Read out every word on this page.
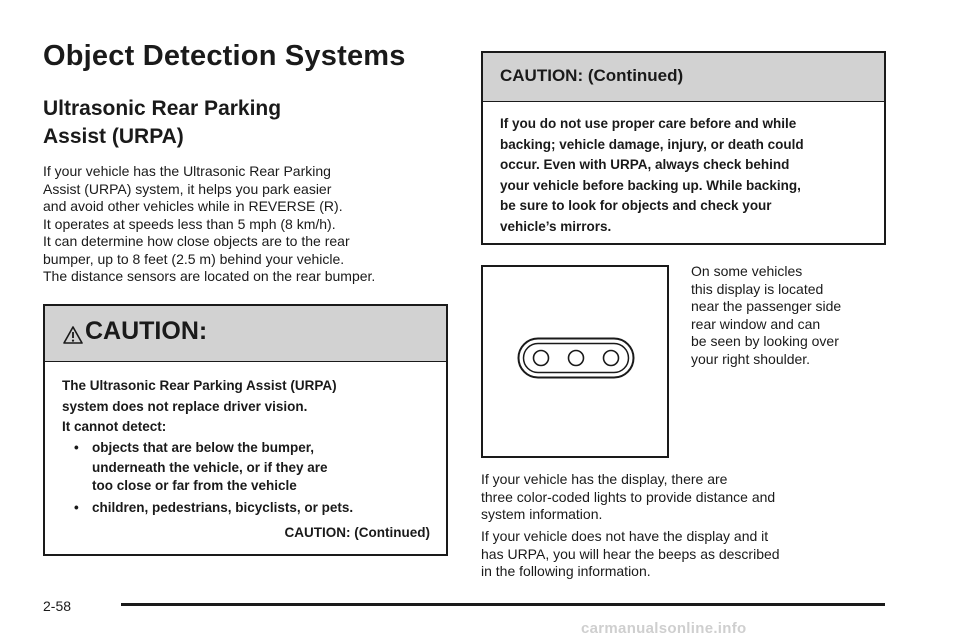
Object Detection Systems
Ultrasonic Rear Parking
Assist (URPA)

If your vehicle has the Ultrasonic Rear Parking
Assist (URPA) system, it helps you park easier
and avoid other vehicles while in REVERSE (R).
It operates at speeds less than 5 mph (8 km/h).
It can determine how close objects are to the rear
bumper, up to 8 feet (2.5 m) behind your vehicle.
The distance sensors are located on the rear bumper.

CAUTION:
The Ultrasonic Rear Parking Assist (URPA)
system does not replace driver vision.
It cannot detect:
• objects that are below the bumper,
underneath the vehicle, or if they are
too close or far from the vehicle
• children, pedestrians, bicyclists, or pets.
CAUTION: (Continued)
CAUTION: (Continued)
If you do not use proper care before and while
backing; vehicle damage, injury, or death could
occur. Even with URPA, always check behind
your vehicle before backing up. While backing,
be sure to look for objects and check your
vehicle’s mirrors.

On some vehicles
this display is located
near the passenger side
rear window and can
be seen by looking over
your right shoulder.

If your vehicle has the display, there are
three color-coded lights to provide distance and
system information.

If your vehicle does not have the display and it
has URPA, you will hear the beeps as described
in the following information.

2-58
carmanualsonline.info
